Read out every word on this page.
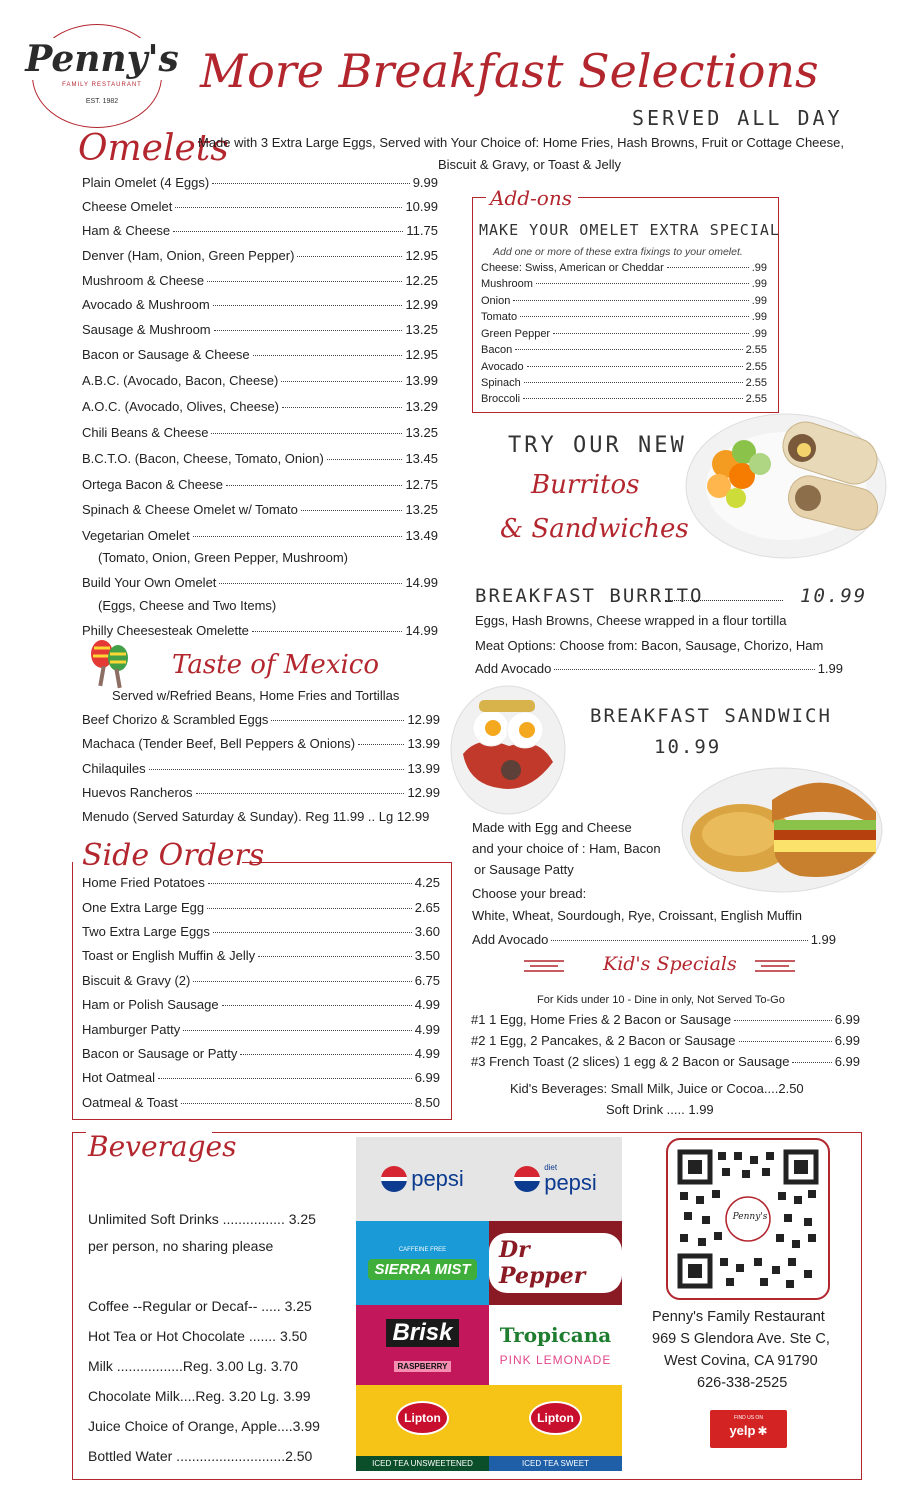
Penny's
FAMILY RESTAURANT
EST. 1982
More Breakfast Selections
SERVED ALL DAY
Omelets
Made with 3 Extra Large Eggs, Served with Your Choice of: Home Fries, Hash Browns, Fruit or Cottage Cheese,
Biscuit & Gravy, or Toast & Jelly
Plain Omelet (4 Eggs)	9.99
Cheese Omelet	10.99
Ham & Cheese	11.75
Denver (Ham, Onion, Green Pepper)	12.95
Mushroom & Cheese	12.25
Avocado & Mushroom	12.99
Sausage & Mushroom	13.25
Bacon or Sausage & Cheese	12.95
A.B.C. (Avocado, Bacon, Cheese)	13.99
A.O.C. (Avocado, Olives, Cheese)	13.29
Chili Beans & Cheese	13.25
B.C.T.O. (Bacon, Cheese, Tomato, Onion)	13.45
Ortega Bacon & Cheese	12.75
Spinach & Cheese Omelet w/ Tomato	13.25
Vegetarian Omelet	13.49
(Tomato, Onion, Green Pepper, Mushroom)
Build Your Own Omelet	14.99
(Eggs, Cheese and Two Items)
Philly Cheesesteak Omelette	14.99
Add-ons
MAKE YOUR OMELET EXTRA SPECIAL
Add one or more of these extra fixings to your omelet.
Cheese: Swiss, American or Cheddar	.99
Mushroom	.99
Onion	.99
Tomato	.99
Green Pepper	.99
Bacon	2.55
Avocado	2.55
Spinach	2.55
Broccoli	2.55
TRY OUR NEW
Burritos
& Sandwiches
BREAKFAST BURRITO	10.99
Eggs, Hash Browns, Cheese wrapped in a flour tortilla
Meat Options: Choose from: Bacon, Sausage, Chorizo, Ham
Add Avocado	1.99
Taste of Mexico
Served w/Refried Beans, Home Fries and Tortillas
Beef Chorizo & Scrambled Eggs	12.99
Machaca (Tender Beef, Bell Peppers & Onions)	13.99
Chilaquiles	13.99
Huevos Rancheros	12.99
Menudo (Served Saturday & Sunday). Reg 11.99 .. Lg 12.99
BREAKFAST SANDWICH
10.99
Made with Egg and Cheese
and your choice of : Ham, Bacon
or Sausage Patty
Choose your bread:
White, Wheat, Sourdough, Rye, Croissant, English Muffin
Add Avocado	1.99
Side Orders
Home Fried Potatoes	4.25
One Extra Large Egg	2.65
Two Extra Large Eggs	3.60
Toast or English Muffin & Jelly	3.50
Biscuit & Gravy (2)	6.75
Ham or Polish Sausage	4.99
Hamburger Patty	4.99
Bacon or Sausage or Patty	4.99
Hot Oatmeal	6.99
Oatmeal & Toast	8.50
Kid's Specials
For Kids under 10 - Dine in only, Not Served To-Go
#1 1 Egg, Home Fries & 2 Bacon or Sausage	6.99
#2 1 Egg, 2 Pancakes, & 2 Bacon or Sausage	6.99
#3 French Toast (2 slices) 1 egg & 2 Bacon or Sausage	6.99
Kid's Beverages: Small Milk, Juice or Cocoa....2.50
Soft Drink ..... 1.99
Beverages
Unlimited Soft Drinks ................ 3.25
per person, no sharing please
Coffee --Regular or Decaf-- ..... 3.25
Hot Tea or Hot Chocolate ....... 3.50
Milk .................Reg. 3.00 Lg. 3.70
Chocolate Milk....Reg. 3.20 Lg. 3.99
Juice Choice of Orange, Apple....3.99
Bottled Water ............................2.50
pepsi	diet
pepsi
CAFFEINE FREE
SIERRA MIST
Dr Pepper
Brisk
RASPBERRY
Tropicana
PINK LEMONADE
Lipton
ICED TEA UNSWEETENED
Lipton
ICED TEA SWEET
Penny's
Penny's Family Restaurant
969 S Glendora Ave. Ste C,
West Covina, CA 91790
626-338-2525
FIND US ON
yelp ✱
